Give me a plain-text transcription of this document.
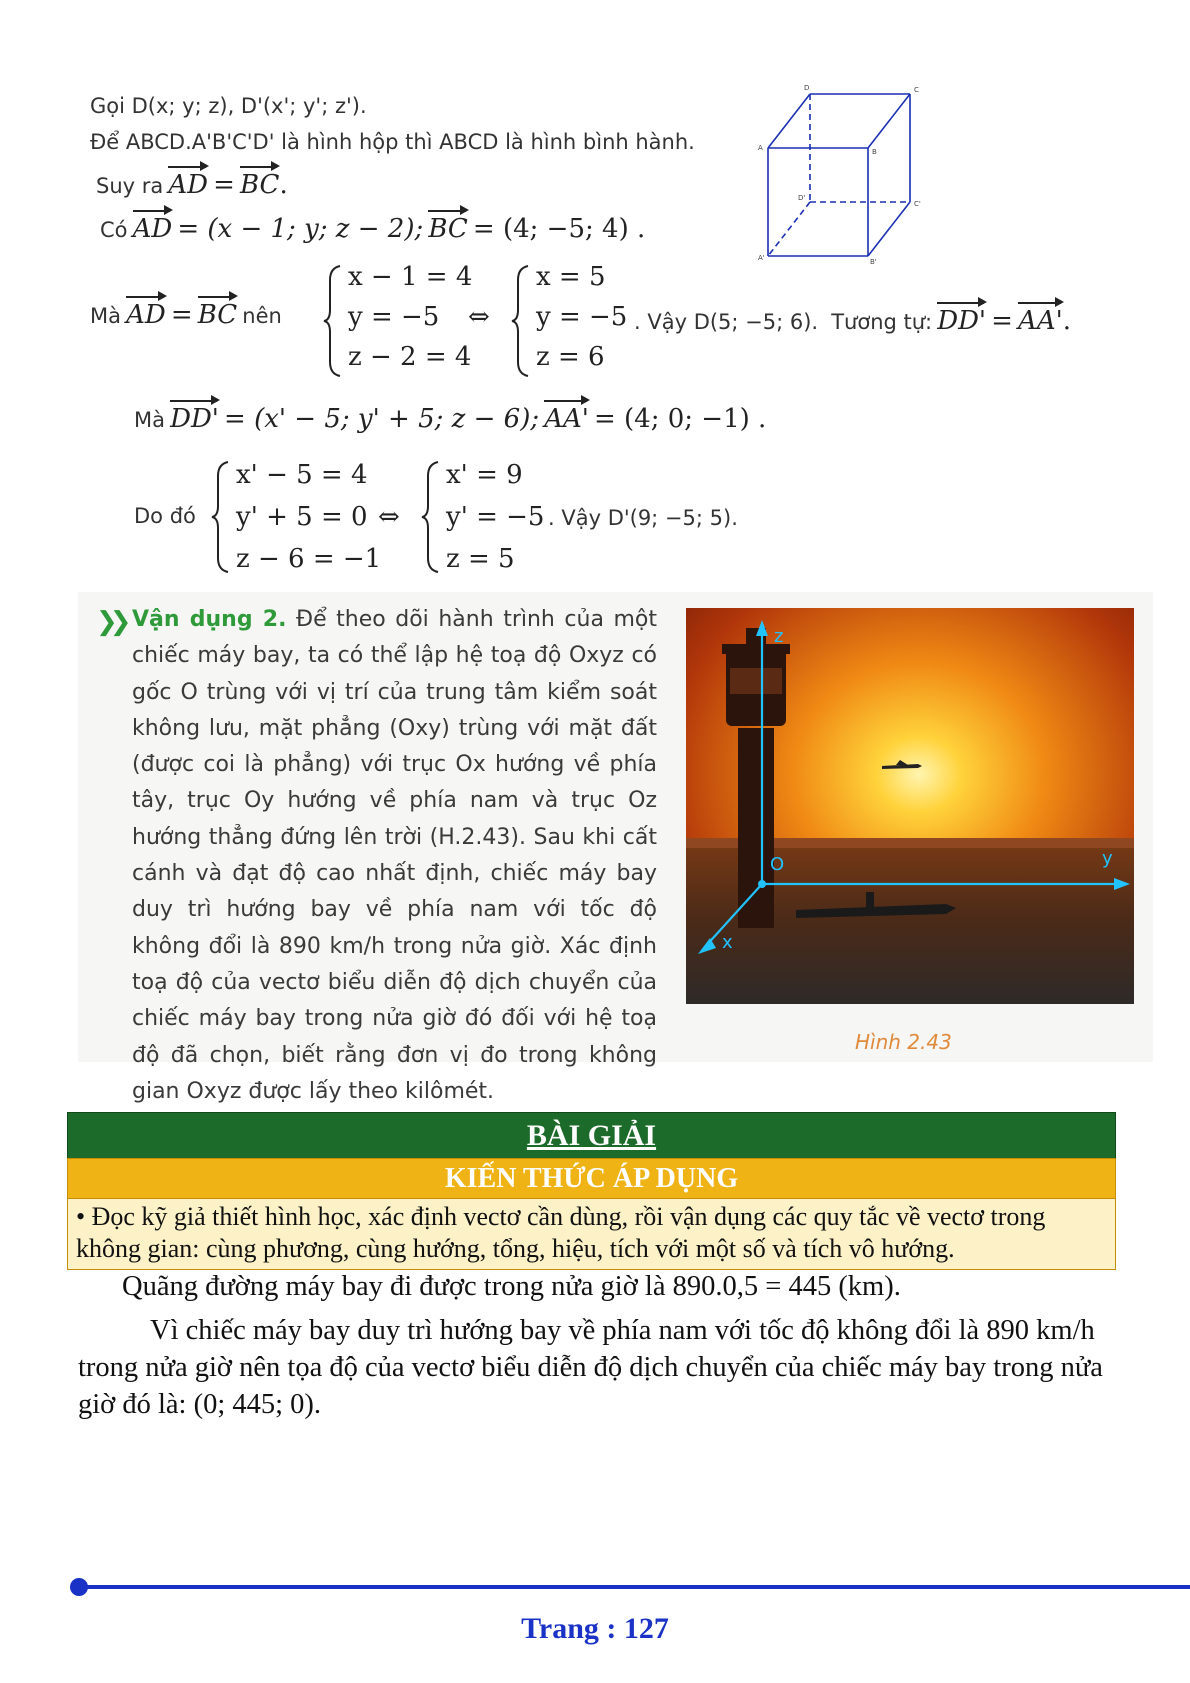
Gọi D(x; y; z), D'(x'; y'; z').
Để ABCD.A'B'C'D' là hình hộp thì ABCD là hình bình hành.
Suy ra AD = BC.
Có AD = (x − 1; y; z − 2); BC = (4; −5; 4) .
D	C
A	B
D'
C'
A'	B'
Mà AD = BC nên
x − 1 = 4
y = −5
z − 2 = 4
⇔
x = 5
y = −5
z = 6
. Vậy D(5; −5; 6). Tương tự: DD' = AA'.
Mà DD' = (x' − 5; y' + 5; z − 6); AA' = (4; 0; −1) .
Do đó
x' − 5 = 4
y' + 5 = 0
z − 6 = −1
⇔
x' = 9
y' = −5
z = 5
. Vậy D'(9; −5; 5).
❯❯ Vận dụng 2. Để theo dõi hành trình của một chiếc máy bay, ta có thể lập hệ toạ độ Oxyz có gốc O trùng với vị trí của trung tâm kiểm soát không lưu, mặt phẳng (Oxy) trùng với mặt đất (được coi là phẳng) với trục Ox hướng về phía tây, trục Oy hướng về phía nam và trục Oz hướng thẳng đứng lên trời (H.2.43). Sau khi cất cánh và đạt độ cao nhất định, chiếc máy bay duy trì hướng bay về phía nam với tốc độ không đổi là 890 km/h trong nửa giờ. Xác định toạ độ của vectơ biểu diễn độ dịch chuyển của chiếc máy bay trong nửa giờ đó đối với hệ toạ độ đã chọn, biết rằng đơn vị đo trong không gian Oxyz được lấy theo kilômét.
z
y
x
O
Hình 2.43
BÀI GIẢI
KIẾN THỨC ÁP DỤNG
• Đọc kỹ giả thiết hình học, xác định vectơ cần dùng, rồi vận dụng các quy tắc về vectơ trong không gian: cùng phương, cùng hướng, tổng, hiệu, tích với một số và tích vô hướng.
Quãng đường máy bay đi được trong nửa giờ là 890.0,5 = 445 (km).
Vì chiếc máy bay duy trì hướng bay về phía nam với tốc độ không đổi là 890 km/h trong nửa giờ nên tọa độ của vectơ biểu diễn độ dịch chuyển của chiếc máy bay trong nửa giờ đó là: (0; 445; 0).
Trang : 127
